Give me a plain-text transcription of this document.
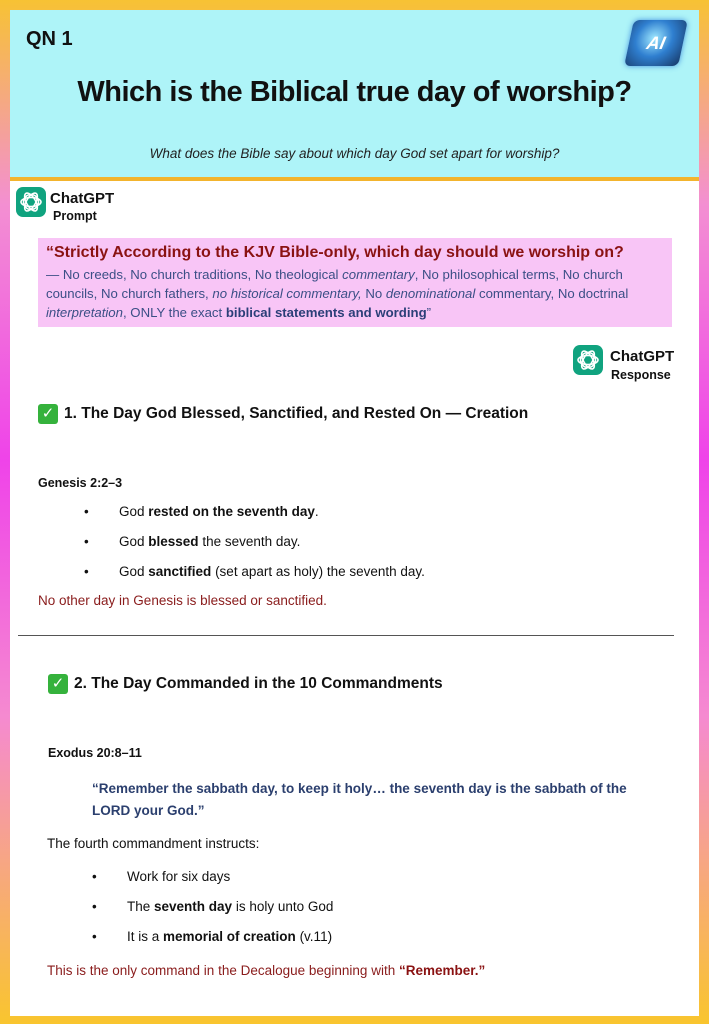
QN 1	AI
Which is the Biblical true day of worship?
What does the Bible say about which day God set apart for worship?
ChatGPT
Prompt
“Strictly According to the KJV Bible-only, which day should we worship on?
— No creeds, No church traditions, No theological commentary, No philosophical terms, No church councils, No church fathers, no historical commentary, No denominational commentary, No doctrinal interpretation, ONLY the exact biblical statements and wording”
ChatGPT
Response
✓ 1. The Day God Blessed, Sanctified, and Rested On — Creation
Genesis 2:2–3
• God rested on the seventh day.
• God blessed the seventh day.
• God sanctified (set apart as holy) the seventh day.
No other day in Genesis is blessed or sanctified.
✓ 2. The Day Commanded in the 10 Commandments
Exodus 20:8–11
“Remember the sabbath day, to keep it holy… the seventh day is the sabbath of the LORD your God.”
The fourth commandment instructs:
• Work for six days
• The seventh day is holy unto God
• It is a memorial of creation (v.11)
This is the only command in the Decalogue beginning with “Remember.”
